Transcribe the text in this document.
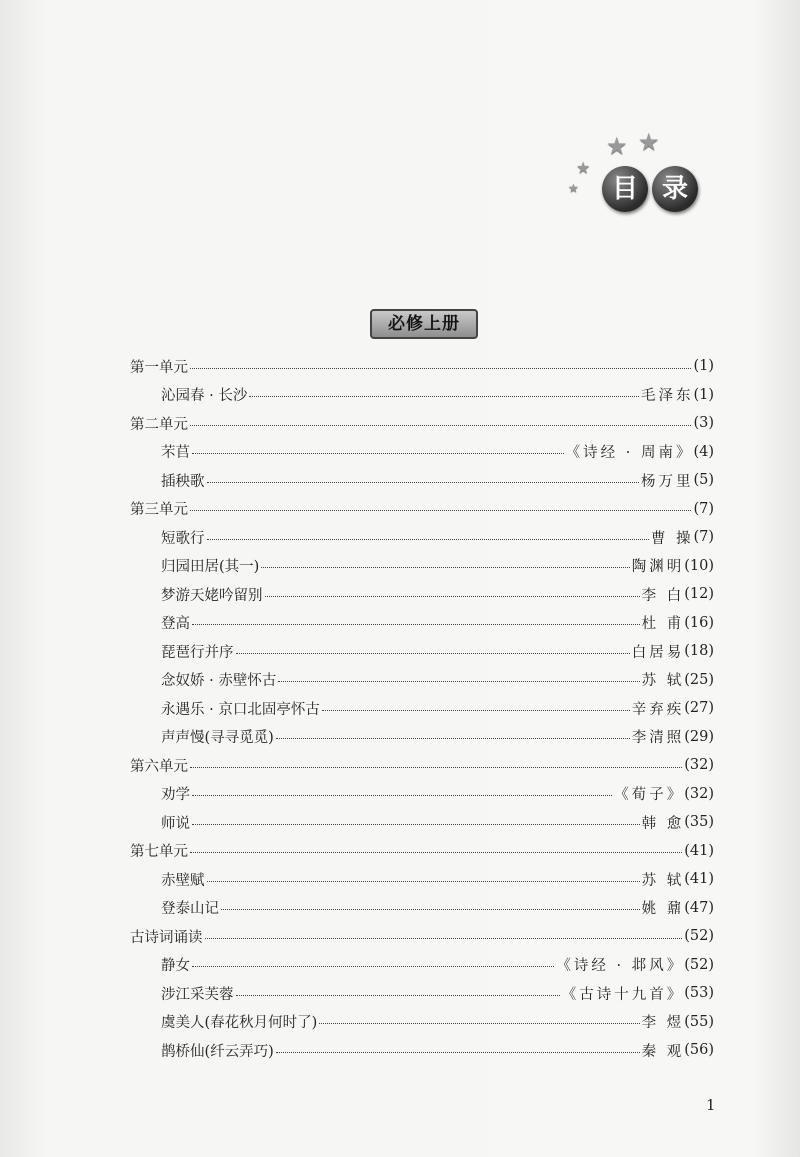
★
★ ★
★	目 录
必修上册
第一单元	(1)
沁园春 · 长沙	毛泽东 (1)
第二单元	(3)
芣苢	《诗经 · 周南》 (4)
插秧歌	杨万里 (5)
第三单元	(7)
短歌行	曹 操 (7)
归园田居(其一)	陶渊明 (10)
梦游天姥吟留别	李 白 (12)
登高	杜 甫 (16)
琵琶行并序	白居易 (18)
念奴娇 · 赤壁怀古	苏 轼 (25)
永遇乐 · 京口北固亭怀古	辛弃疾 (27)
声声慢(寻寻觅觅)	李清照 (29)
第六单元	(32)
劝学	《荀子》 (32)
师说	韩 愈 (35)
第七单元	(41)
赤壁赋	苏 轼 (41)
登泰山记	姚 鼐 (47)
古诗词诵读	(52)
静女	《诗经 · 邶风》 (52)
涉江采芙蓉	《古诗十九首》 (53)
虞美人(春花秋月何时了)	李 煜 (55)
鹊桥仙(纤云弄巧)	秦 观 (56)
1
